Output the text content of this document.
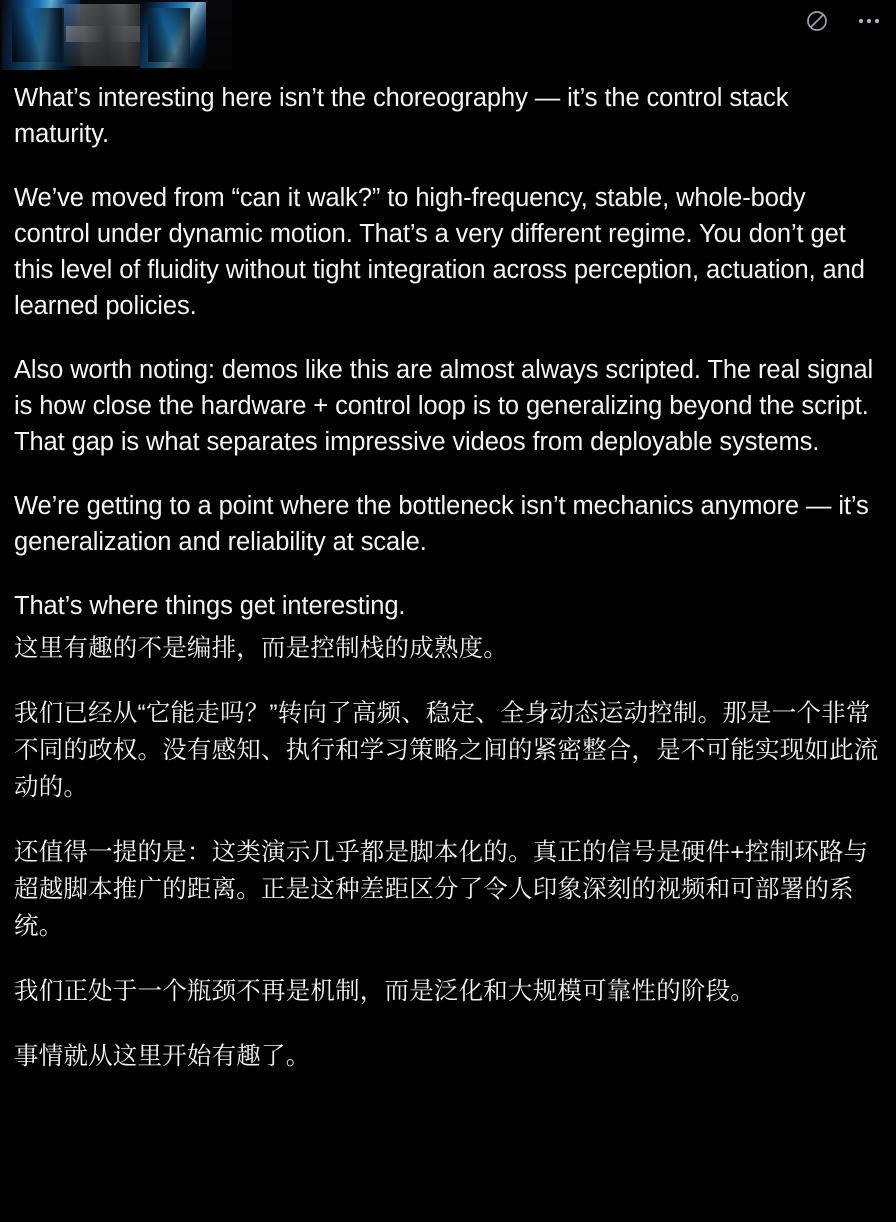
What’s interesting here isn’t the choreography — it’s the control stack maturity.

We’ve moved from “can it walk?” to high-frequency, stable, whole-body control under dynamic motion. That’s a very different regime. You don’t get this level of fluidity without tight integration across perception, actuation, and learned policies.

Also worth noting: demos like this are almost always scripted. The real signal is how close the hardware + control loop is to generalizing beyond the script. That gap is what separates impressive videos from deployable systems.

We’re getting to a point where the bottleneck isn’t mechanics anymore — it’s generalization and reliability at scale.

That’s where things get interesting.

这里有趣的不是编排，而是控制栈的成熟度。

我们已经从“它能走吗？”转向了高频、稳定、全身动态运动控制。那是一个非常不同的政权。没有感知、执行和学习策略之间的紧密整合，是不可能实现如此流动的。

还值得一提的是：这类演示几乎都是脚本化的。真正的信号是硬件+控制环路与超越脚本推广的距离。正是这种差距区分了令人印象深刻的视频和可部署的系统。

我们正处于一个瓶颈不再是机制，而是泛化和大规模可靠性的阶段。

事情就从这里开始有趣了。
